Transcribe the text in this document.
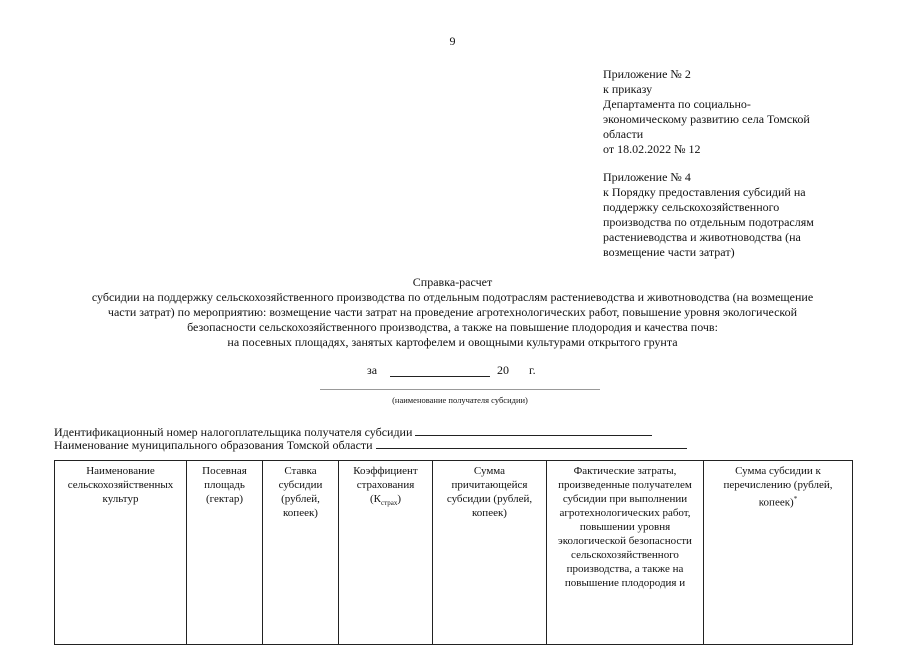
9
Приложение № 2
к приказу
Департамента по социально-
экономическому развитию села Томской
области
от 18.02.2022 № 12
Приложение № 4
к Порядку предоставления субсидий на
поддержку сельскохозяйственного
производства по отдельным подотраслям
растениеводства и животноводства (на
возмещение части затрат)
Справка-расчет
субсидии на поддержку сельскохозяйственного производства по отдельным подотраслям растениеводства и животноводства (на возмещение
части затрат) по мероприятию: возмещение части затрат на проведение агротехнологических работ, повышение уровня экологической
безопасности сельскохозяйственного производства, а также на повышение плодородия и качества почв:
на посевных площадях, занятых картофелем и овощными культурами открытого грунта
за	20 г.
(наименование получателя субсидии)
Идентификационный номер налогоплательщика получателя субсидии
Наименование муниципального образования Томской области
Наименование сельскохозяйственных культур	Посевная площадь (гектар)	Ставка субсидии (рублей, копеек)	Коэффициент страхования $(К_{страх})$	Сумма причитающейся субсидии (рублей, копеек)	Фактические затраты, произведенные получателем субсидии при выполнении агротехнологических работ, повышении уровня экологической безопасности сельскохозяйственного производства, а также на повышение плодородия и	Сумма субсидии к перечислению (рублей, копеек)*
